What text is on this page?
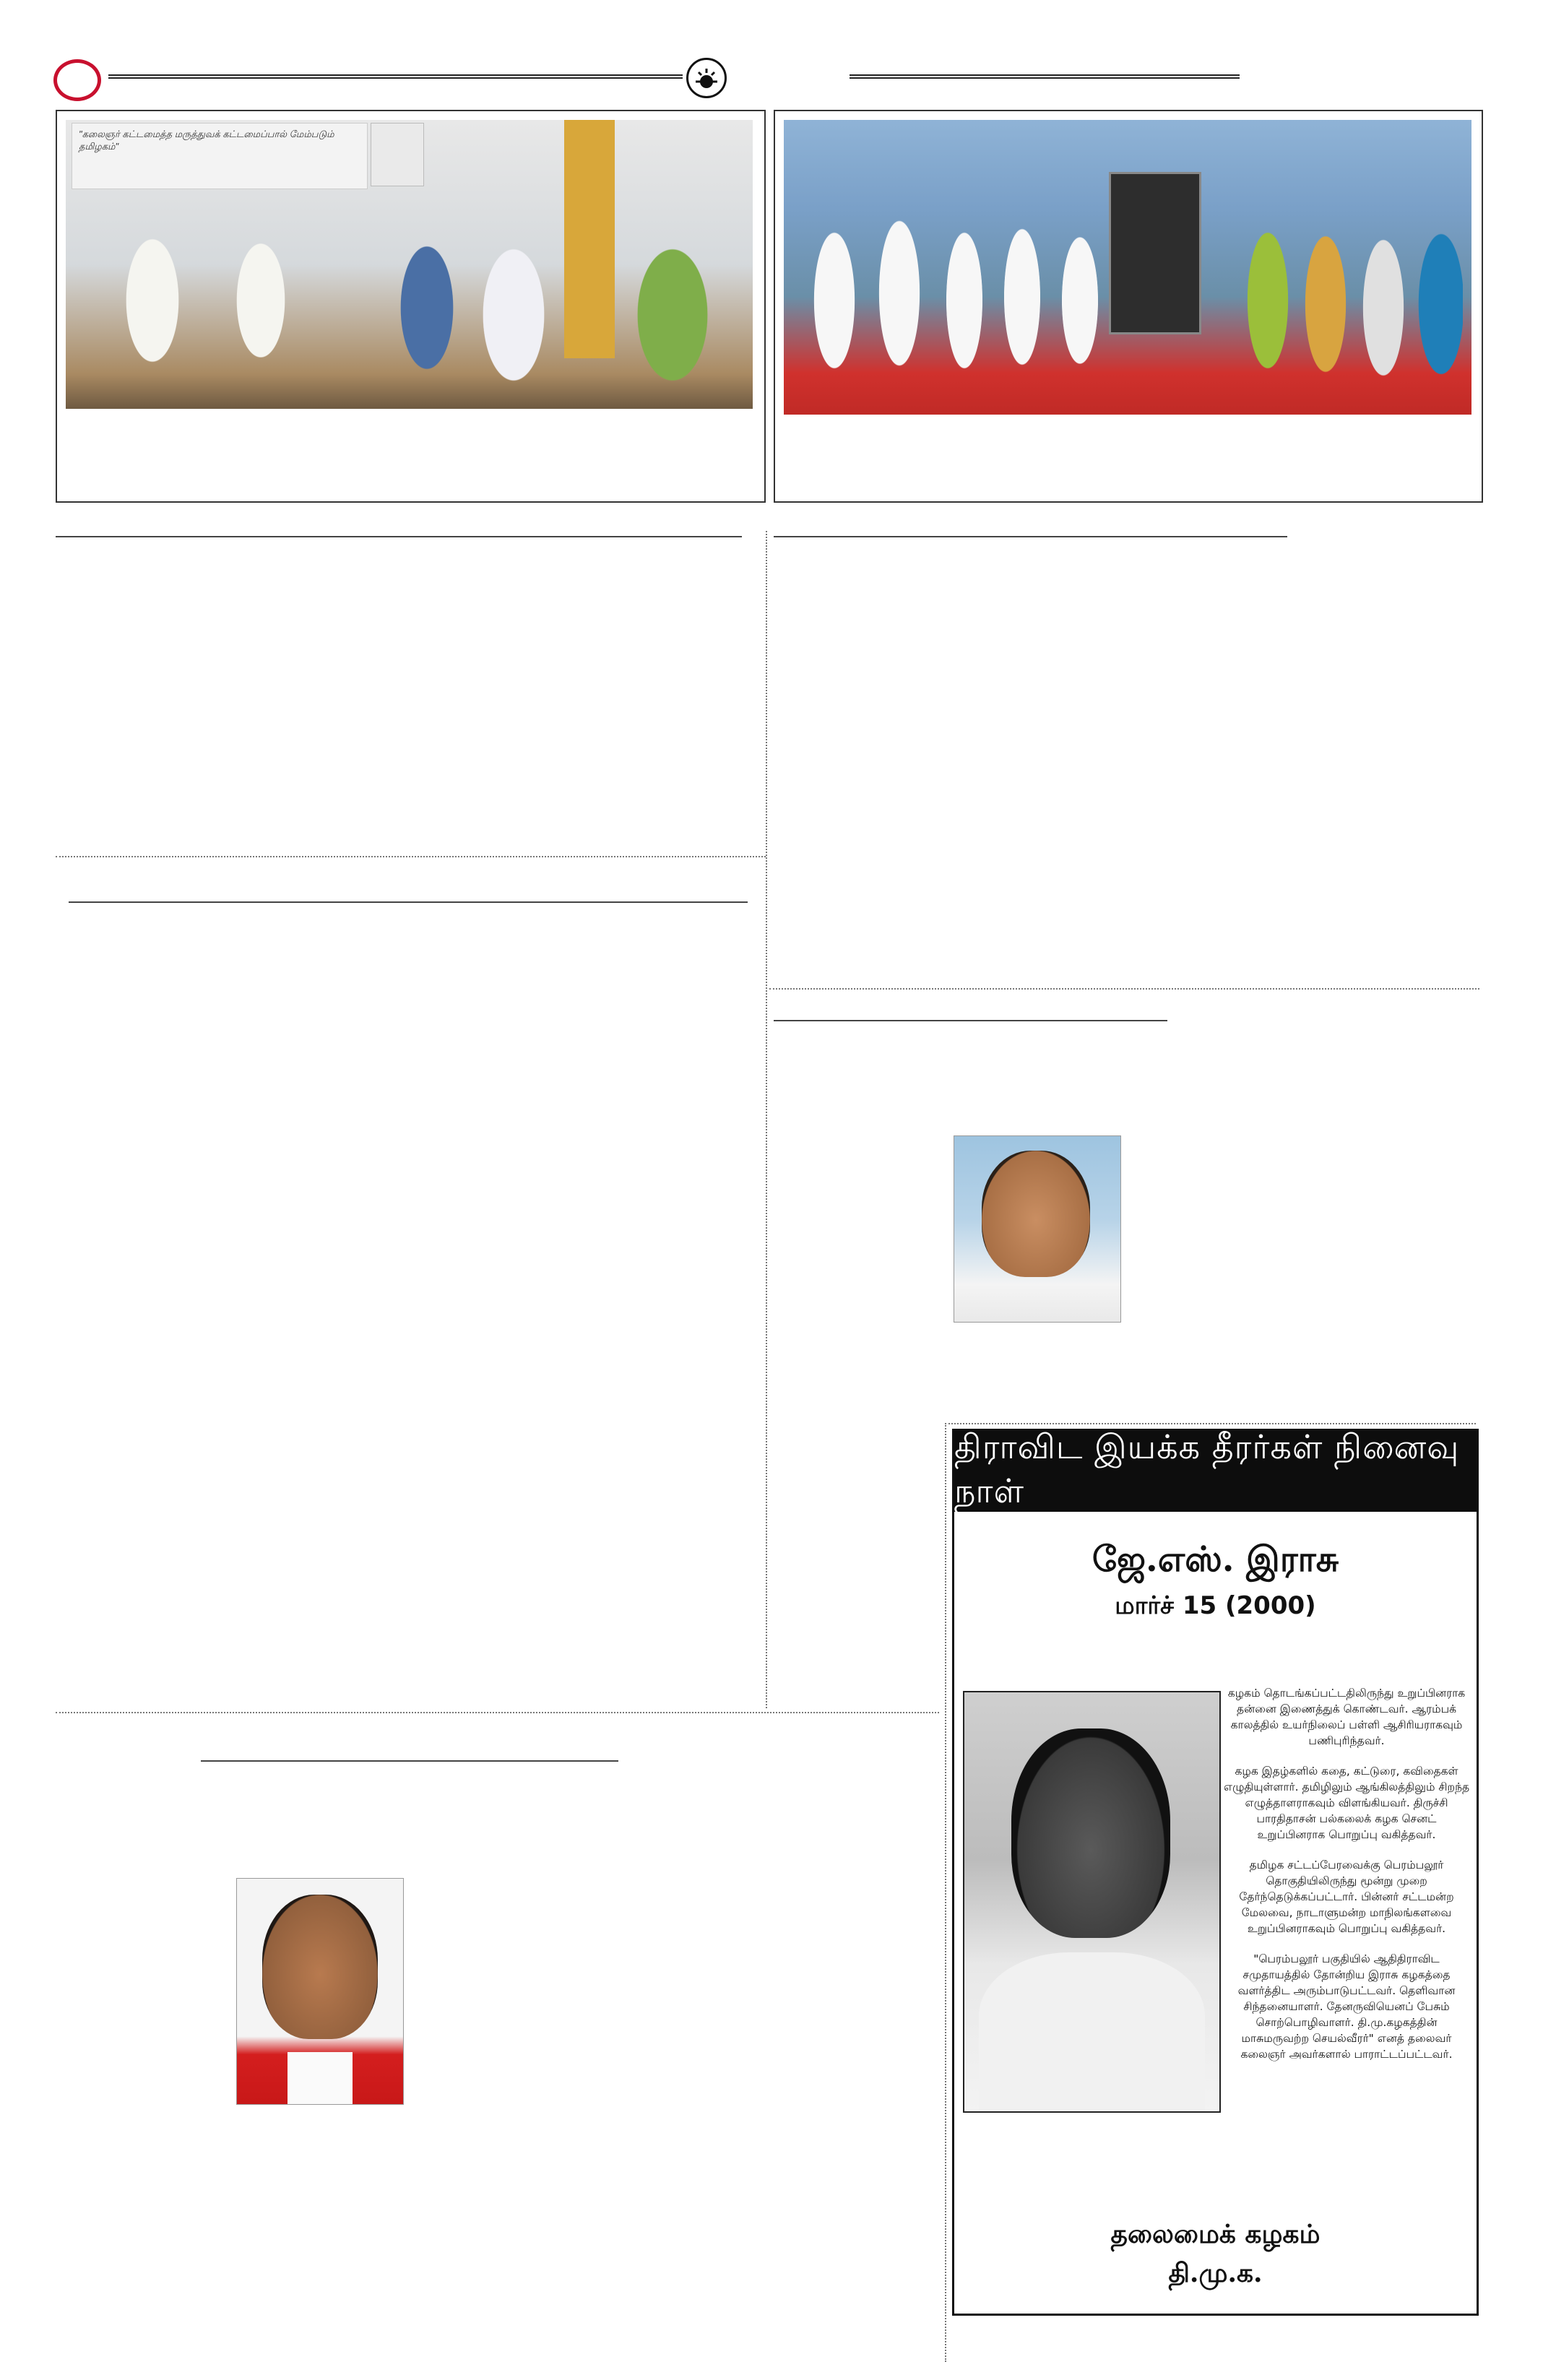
"கலைஞர் கட்டமைத்த மருத்துவக் கட்டமைப்பால் மேம்படும் தமிழகம்"
திராவிட இயக்க தீரர்கள் நினைவு நாள்
ஜே.எஸ். இராசு
மார்ச் 15 (2000)

கழகம் தொடங்கப்பட்டதிலிருந்து உறுப்பினராக தன்னை இணைத்துக் கொண்டவர். ஆரம்பக் காலத்தில் உயர்நிலைப் பள்ளி ஆசிரியராகவும் பணிபுரிந்தவர்.

கழக இதழ்களில் கதை, கட்டுரை, கவிதைகள் எழுதியுள்ளார். தமிழிலும் ஆங்கிலத்திலும் சிறந்த எழுத்தாளராகவும் விளங்கியவர். திருச்சி பாரதிதாசன் பல்கலைக் கழக செனட் உறுப்பினராக பொறுப்பு வகித்தவர்.

தமிழக சட்டப்பேரவைக்கு பெரம்பலூர் தொகுதியிலிருந்து மூன்று முறை தேர்ந்தெடுக்கப்பட்டார். பின்னர் சட்டமன்ற மேலவை, நாடாளுமன்ற மாநிலங்களவை உறுப்பினராகவும் பொறுப்பு வகித்தவர்.

"பெரம்பலூர் பகுதியில் ஆதிதிராவிட சமுதாயத்தில் தோன்றிய இராசு கழகத்தை வளர்த்திட அரும்பாடுபட்டவர். தெளிவான சிந்தனையாளர். தேனருவியெனப் பேசும் சொற்பொழிவாளர். தி.மு.கழகத்தின் மாசுமருவற்ற செயல்வீரர்" எனத் தலைவர் கலைஞர் அவர்களால் பாராட்டப்பட்டவர்.

தலைமைக் கழகம்
தி.மு.க.
